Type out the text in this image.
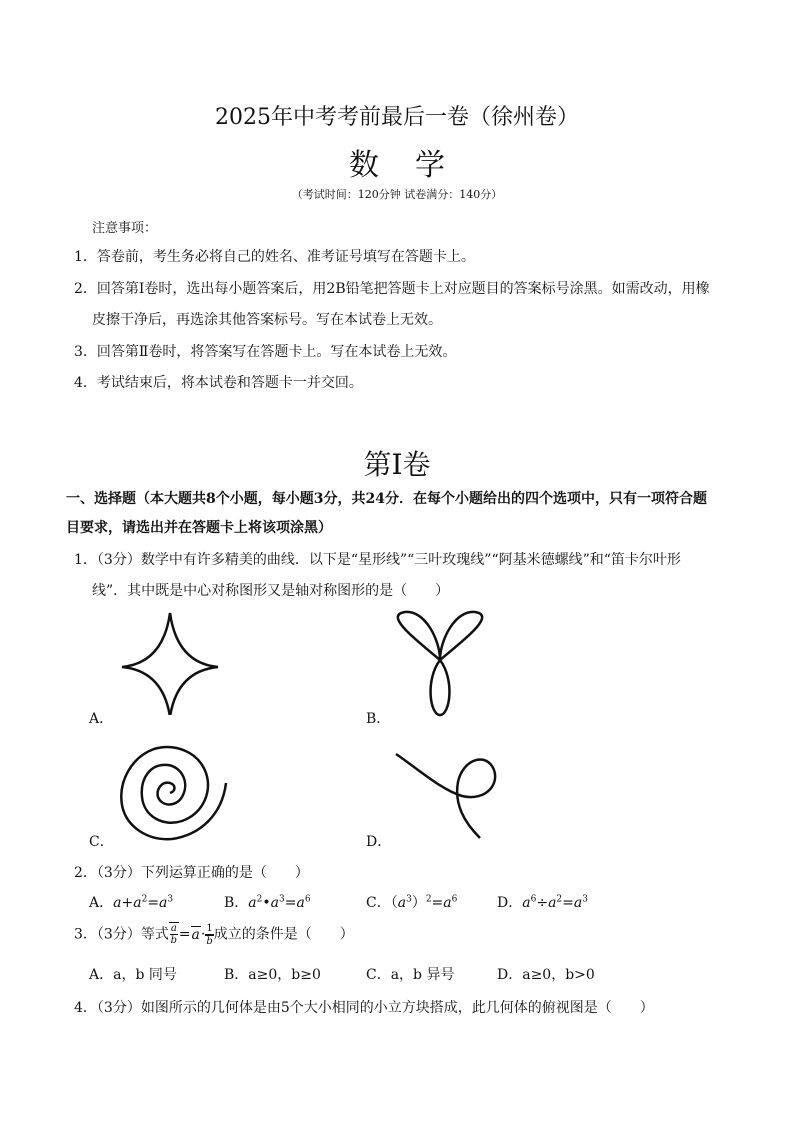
2025年中考考前最后一卷（徐州卷）
数学
（考试时间：120分钟 试卷满分：140分）
注意事项：
1．答卷前，考生务必将自己的姓名、准考证号填写在答题卡上。
2．回答第Ⅰ卷时，选出每小题答案后，用2B铅笔把答题卡上对应题目的答案标号涂黑。如需改动，用橡
皮擦干净后，再选涂其他答案标号。写在本试卷上无效。
3．回答第Ⅱ卷时，将答案写在答题卡上。写在本试卷上无效。
4．考试结束后，将本试卷和答题卡一并交回。
第Ⅰ卷
一、选择题（本大题共8个小题，每小题3分，共24分．在每个小题给出的四个选项中，只有一项符合题
目要求，请选出并在答题卡上将该项涂黑）
1．（3分）数学中有许多精美的曲线．以下是“星形线”“三叶玫瑰线”“阿基米德螺线”和“笛卡尔叶形
线”．其中既是中心对称图形又是轴对称图形的是（　　）
A．	B．
C．	D．
2．（3分）下列运算正确的是（　　）
A．$a+a^2=a^3$	B．$a^2•a^3=a^6$	C．$(a^3)^2=a^6$	D．$a^6\div a^2=a^3$
3．（3分）等式 $\frac{a}{b} =a\cdot \frac{1}{b}$ 成立的条件是（　　）
A．a，b 同号	B．a≥0，b≥0	C．a，b 异号	D．a≥0，b>0
4．（3分）如图所示的几何体是由5个大小相同的小立方块搭成，此几何体的俯视图是（　　）
